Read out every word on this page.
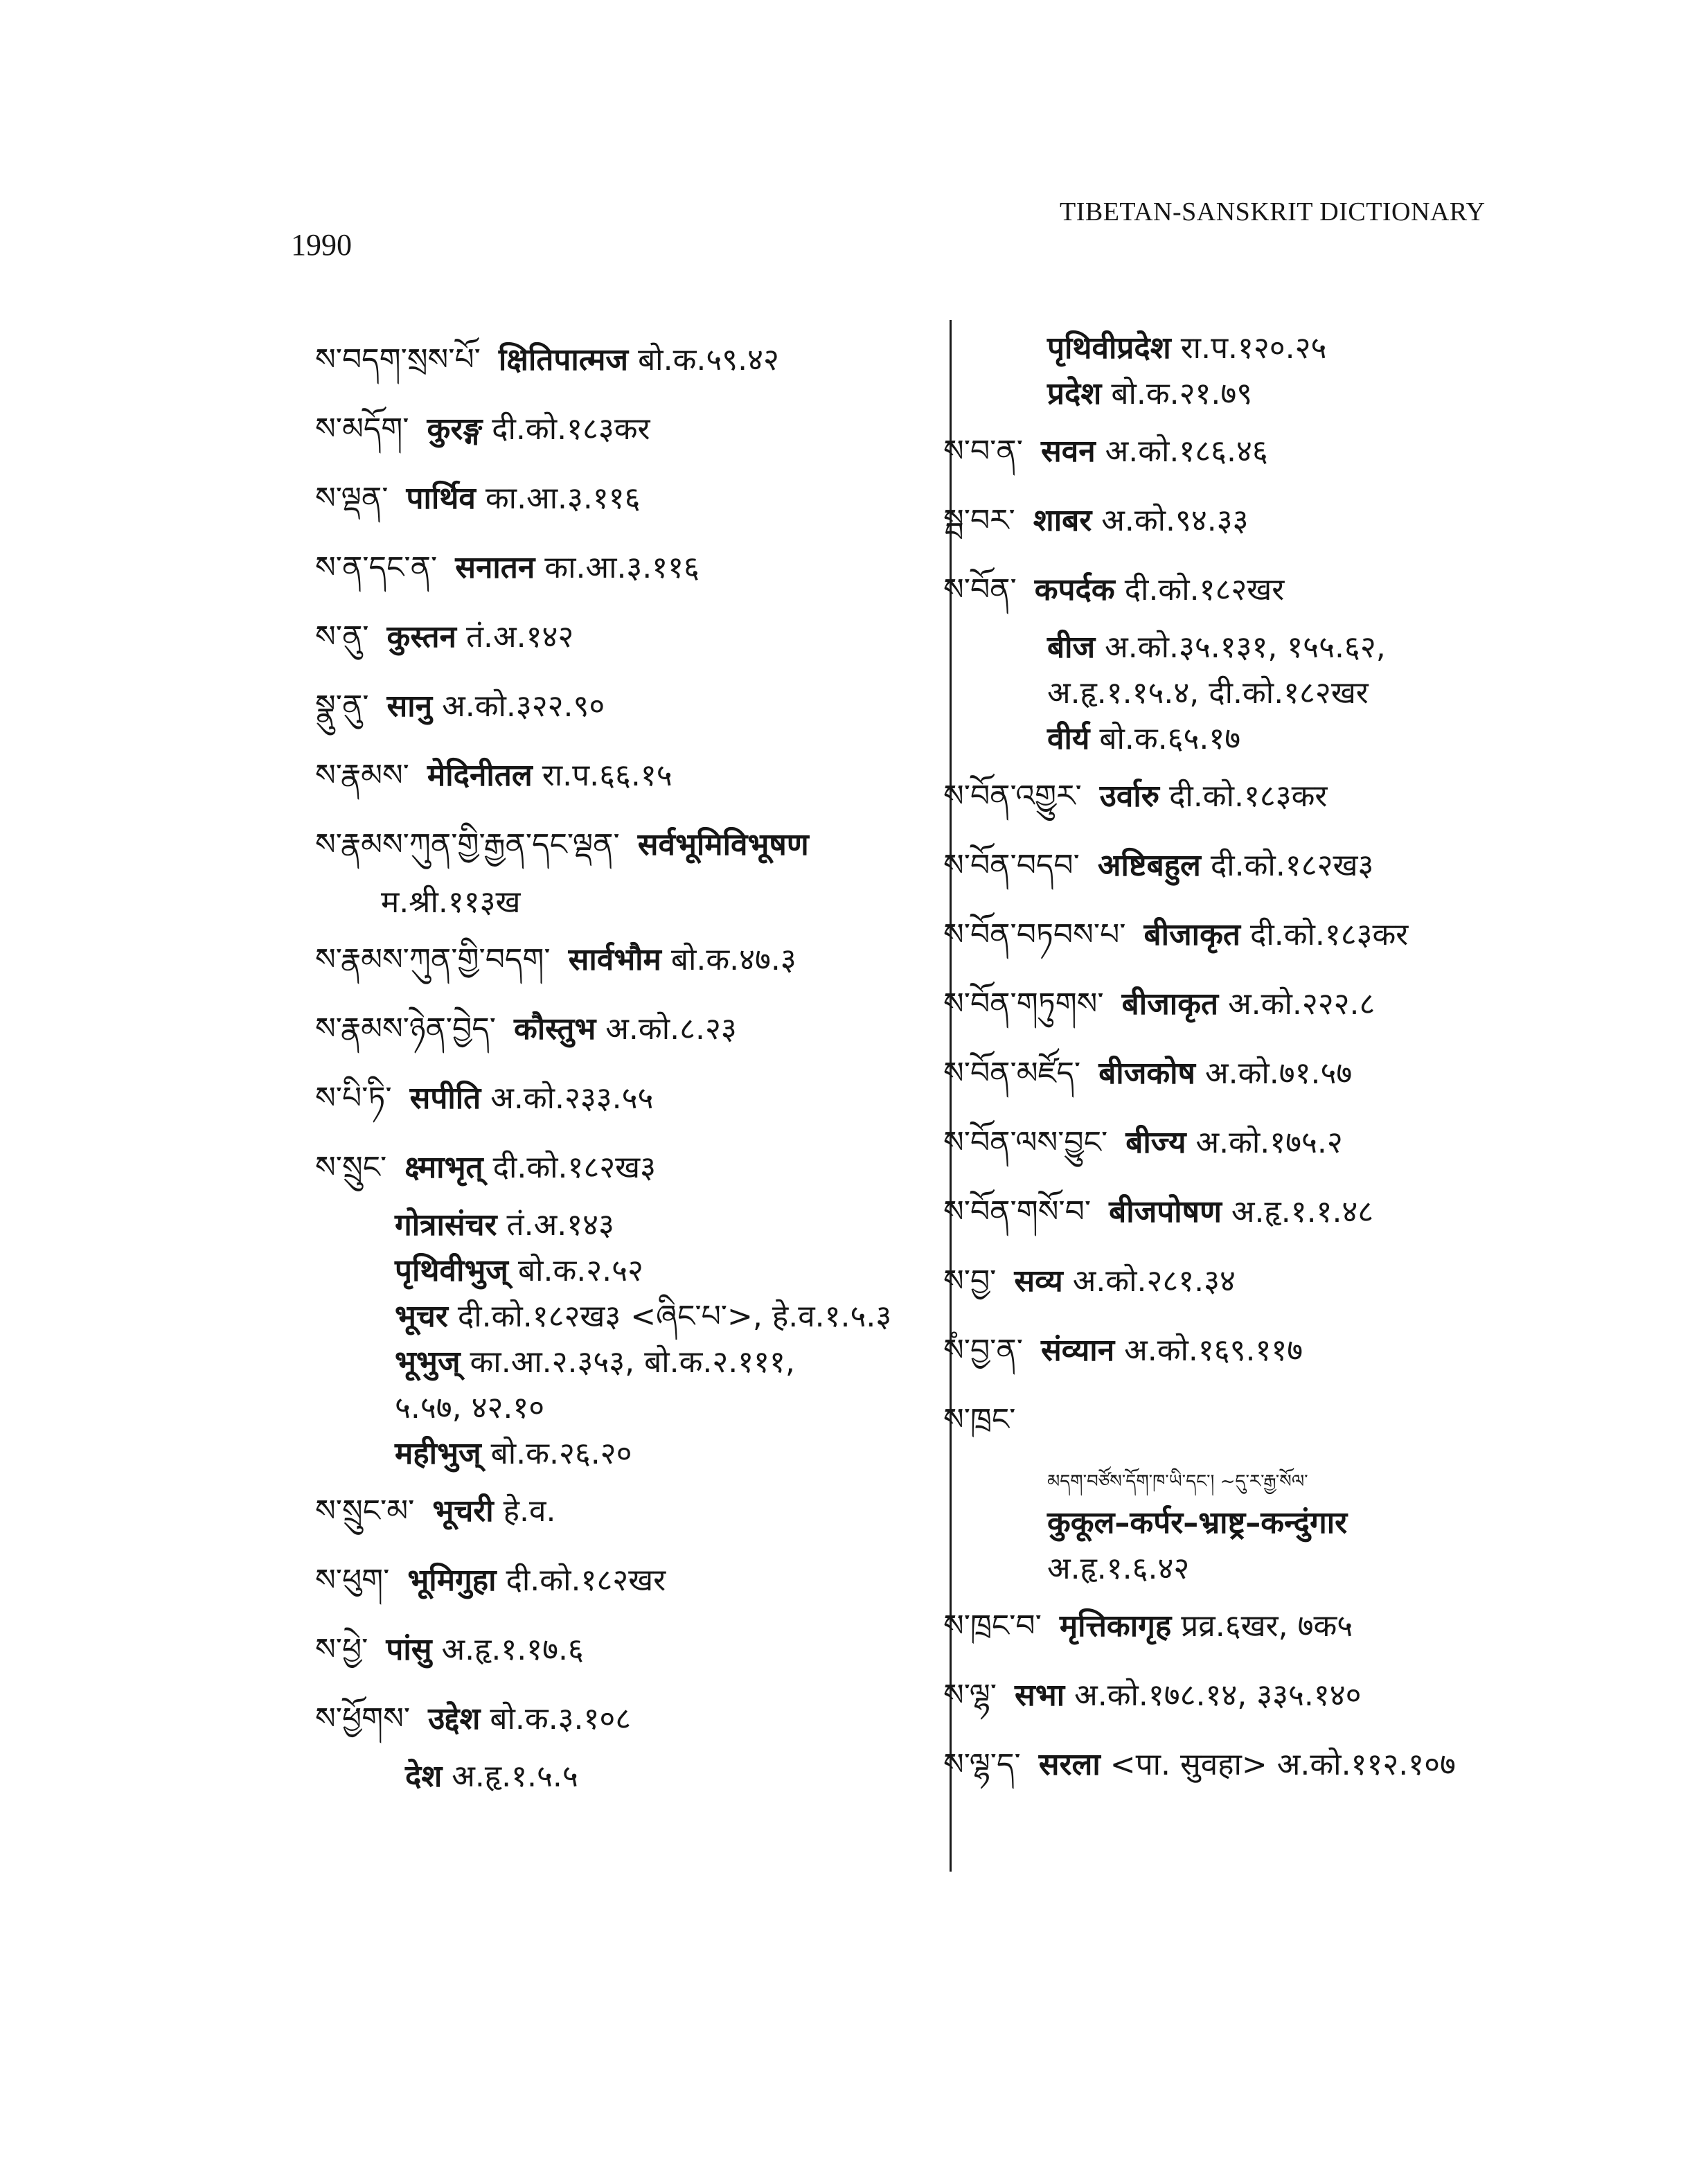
1990
TIBETAN-SANSKRIT DICTIONARY
ས་བདག་སྲས་པོ་ क्षितिपात्मज बो.क.५९.४२
ས་མདོག་ कुरङ्ग दी.को.१८३कर
ས་ལྡན་ पार्थिव का.आ.३.११६
ས་ན་དང་ན་ सनातन का.आ.३.११६
ས་ནུ་ कुस्तन तं.अ.१४२
སྣུ་ནུ་ सानु अ.को.३२२.९०
ས་རྣམས་ मेदिनीतल रा.प.६६.१५
ས་རྣམས་ཀུན་གྱི་རྒྱན་དང་ལྡན་ सर्वभूमिविभूषण
म.श्री.११३ख
ས་རྣམས་ཀུན་གྱི་བདག་ सार्वभौम बो.क.४७.३
ས་རྣམས་ཉེན་བྱེད་ कौस्तुभ अ.को.८.२३
ས་པི་ཏི་ सपीति अ.को.२३३.५५
ས་སྲུང་ क्ष्माभृत् दी.को.१८२ख३
गोत्रासंचर तं.अ.१४३
पृथिवीभुज् बो.क.२.५२
भूचर दी.को.१८२ख३ <ཞིང་པ་>, हे.व.१.५.३
भूभुज् का.आ.२.३५३, बो.क.२.१११,
५.५७, ४२.१०
महीभुज् बो.क.२६.२०
ས་སྲུང་མ་ भूचरी हे.व.
ས་ཕུག་ भूमिगुहा दी.को.१८२खर
ས་ཕྱེ་ पांसु अ.हृ.१.१७.६
ས་ཕྱོགས་ उद्देश बो.क.३.१०८
देश अ.हृ.१.५.५
पृथिवीप्रदेश रा.प.१२०.२५
प्रदेश बो.क.२१.७९
ས་བ་ན་ सवन अ.को.१८६.४६
སྦ་བར་ शाबर अ.को.९४.३३
ས་བོན་ कपर्दक दी.को.१८२खर
बीज अ.को.३५.१३१, १५५.६२,
अ.हृ.१.१५.४, दी.को.१८२खर
वीर्य बो.क.६५.१७
ས་བོན་འགྱུར་ उर्वारु दी.को.१८३कर
ས་བོན་བདབ་ अष्टिबहुल दी.को.१८२ख३
ས་བོན་བཏབས་པ་ बीजाकृत दी.को.१८३कर
ས་བོན་གཏུགས་ बीजाकृत अ.को.२२२.८
ས་བོན་མཛོད་ बीजकोष अ.को.७१.५७
ས་བོན་ལས་བྱུང་ बीज्य अ.को.१७५.२
ས་བོན་གསོ་བ་ बीजपोषण अ.हृ.१.१.४८
ས་བྱ་ सव्य अ.को.२८१.३४
སཾ་བྱ་ན་ संव्यान अ.को.१६९.११७
ས་ཁྲང་
མདག་བཙོས་དོག་ཁ་ཡི་དང་། ~དུ་ར་རྒྱ་སོལ་
कुकूल–कर्पर–भ्राष्ट्र–कन्दुंगार
अ.हृ.१.६.४२
ས་ཁྲང་བ་ मृत्तिकागृह प्रव्र.६खर, ७क५
ས་ལྷ་ सभा अ.को.१७८.१४, ३३५.१४०
ས་ལྷ་ད་ सरला <पा. सुवहा> अ.को.११२.१०७
